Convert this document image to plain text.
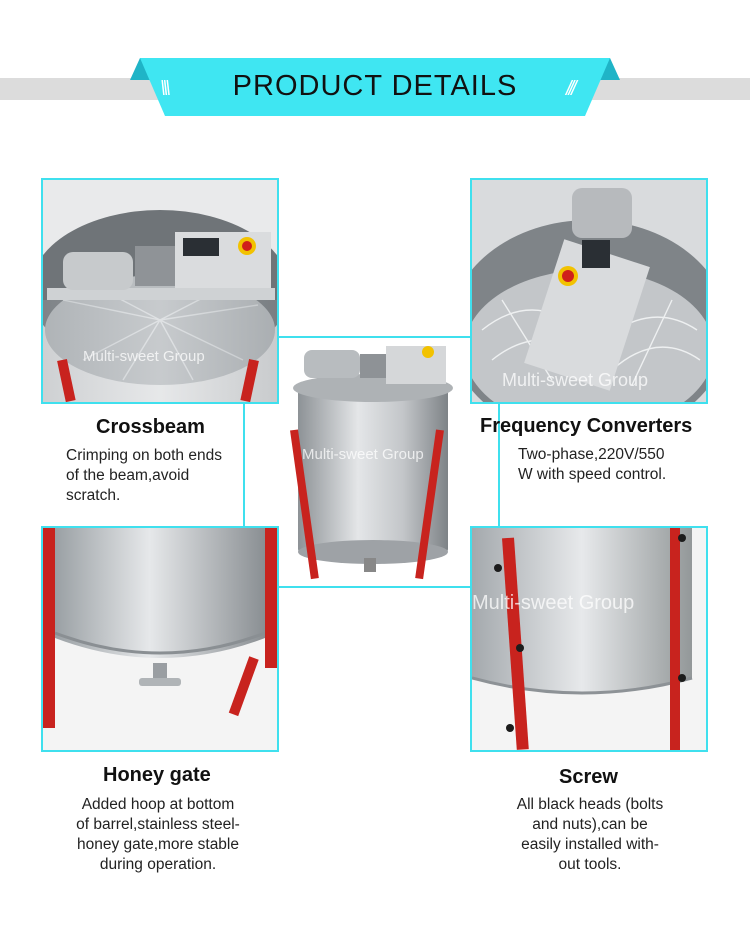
\\\	///
PRODUCT DETAILS
Multi-sweet Group
Multi-sweet Group
Multi-sweet Group
Multi-sweet Group
Crossbeam
Crimping on both ends
of the beam,avoid
scratch.
Frequency Converters
Two-phase,220V/550
W with speed control.
Honey gate
Added hoop at bottom
of barrel,stainless steel-
honey gate,more stable
during operation.
Screw
All black heads (bolts
and nuts),can be
easily installed with-
out tools.
